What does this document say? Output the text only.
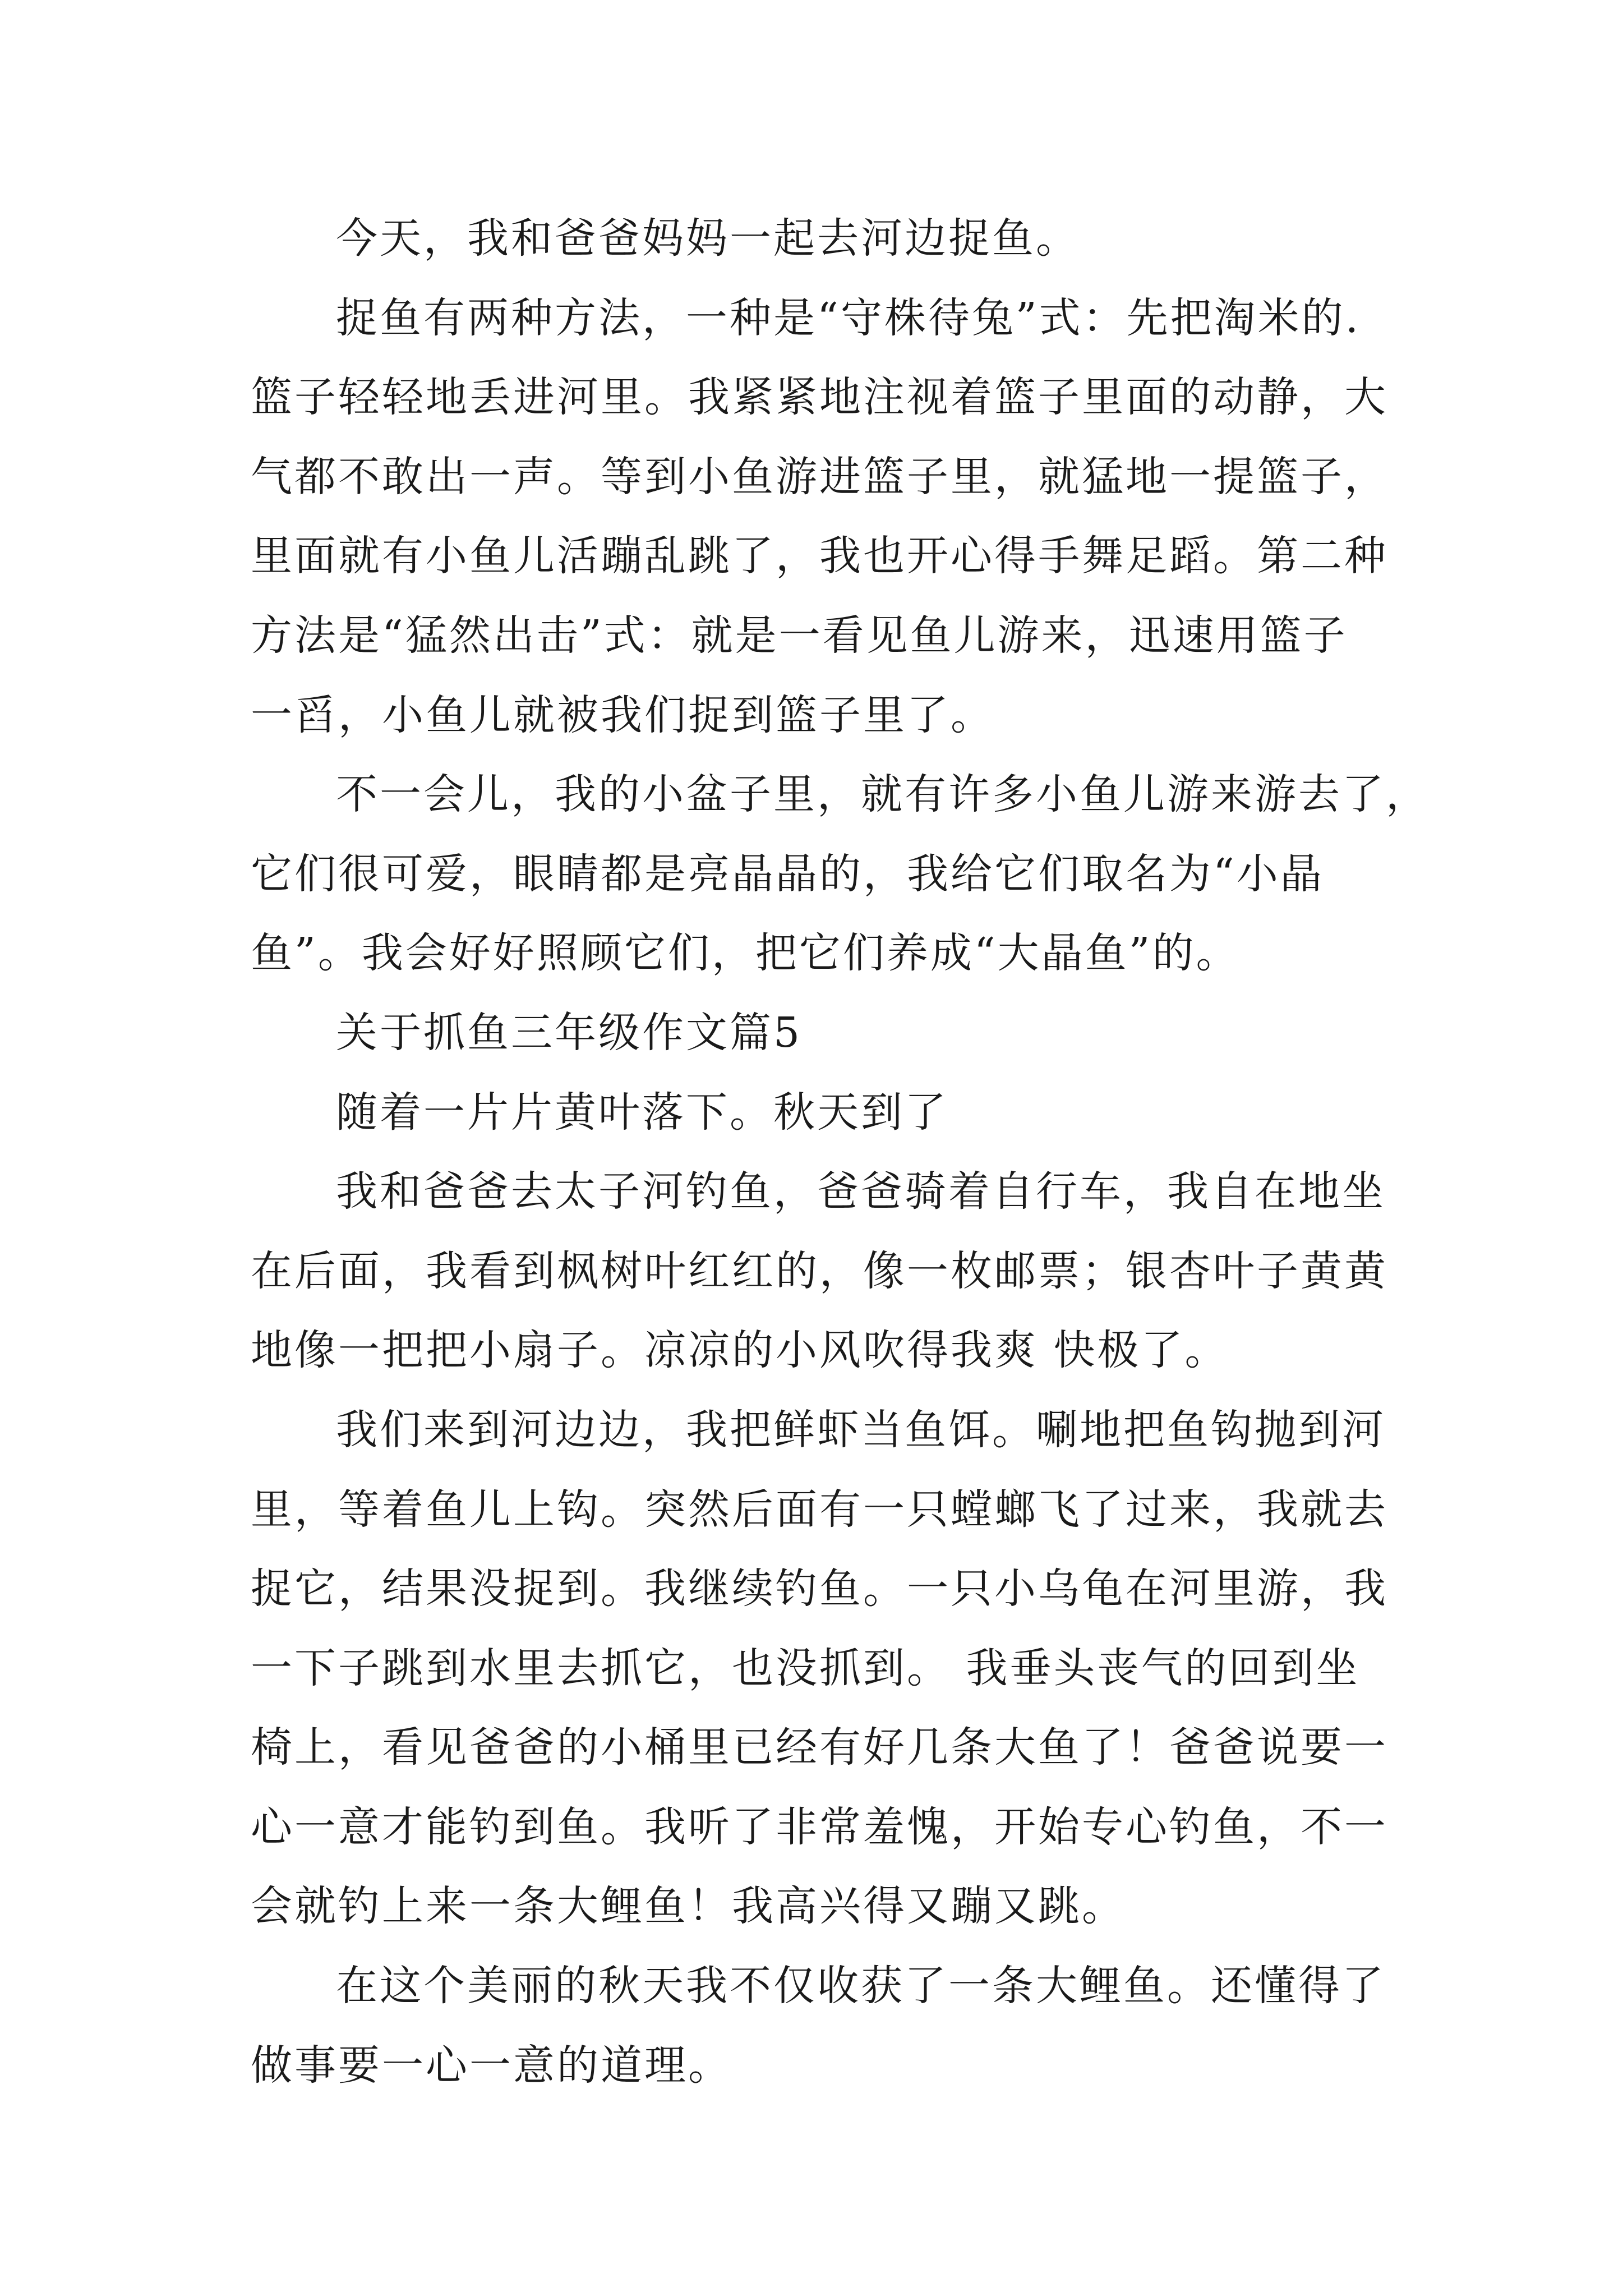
今天，我和爸爸妈妈一起去河边捉鱼。
捉鱼有两种方法，一种是“守株待兔”式：先把淘米的.
篮子轻轻地丢进河里。我紧紧地注视着篮子里面的动静，大
气都不敢出一声。等到小鱼游进篮子里，就猛地一提篮子，
里面就有小鱼儿活蹦乱跳了，我也开心得手舞足蹈。第二种
方法是“猛然出击”式：就是一看见鱼儿游来，迅速用篮子
一舀，小鱼儿就被我们捉到篮子里了。
不一会儿，我的小盆子里，就有许多小鱼儿游来游去了，
它们很可爱，眼睛都是亮晶晶的，我给它们取名为“小晶
鱼”。我会好好照顾它们，把它们养成“大晶鱼”的。
关于抓鱼三年级作文篇5
随着一片片黄叶落下。秋天到了
我和爸爸去太子河钓鱼，爸爸骑着自行车，我自在地坐
在后面，我看到枫树叶红红的，像一枚邮票；银杏叶子黄黄
地像一把把小扇子。凉凉的小风吹得我爽 快极了。
我们来到河边边，我把鲜虾当鱼饵。唰地把鱼钩抛到河
里，等着鱼儿上钩。突然后面有一只螳螂飞了过来，我就去
捉它，结果没捉到。我继续钓鱼。一只小乌龟在河里游，我
一下子跳到水里去抓它，也没抓到。 我垂头丧气的回到坐
椅上，看见爸爸的小桶里已经有好几条大鱼了！爸爸说要一
心一意才能钓到鱼。我听了非常羞愧，开始专心钓鱼，不一
会就钓上来一条大鲤鱼！我高兴得又蹦又跳。
在这个美丽的秋天我不仅收获了一条大鲤鱼。还懂得了
做事要一心一意的道理。
